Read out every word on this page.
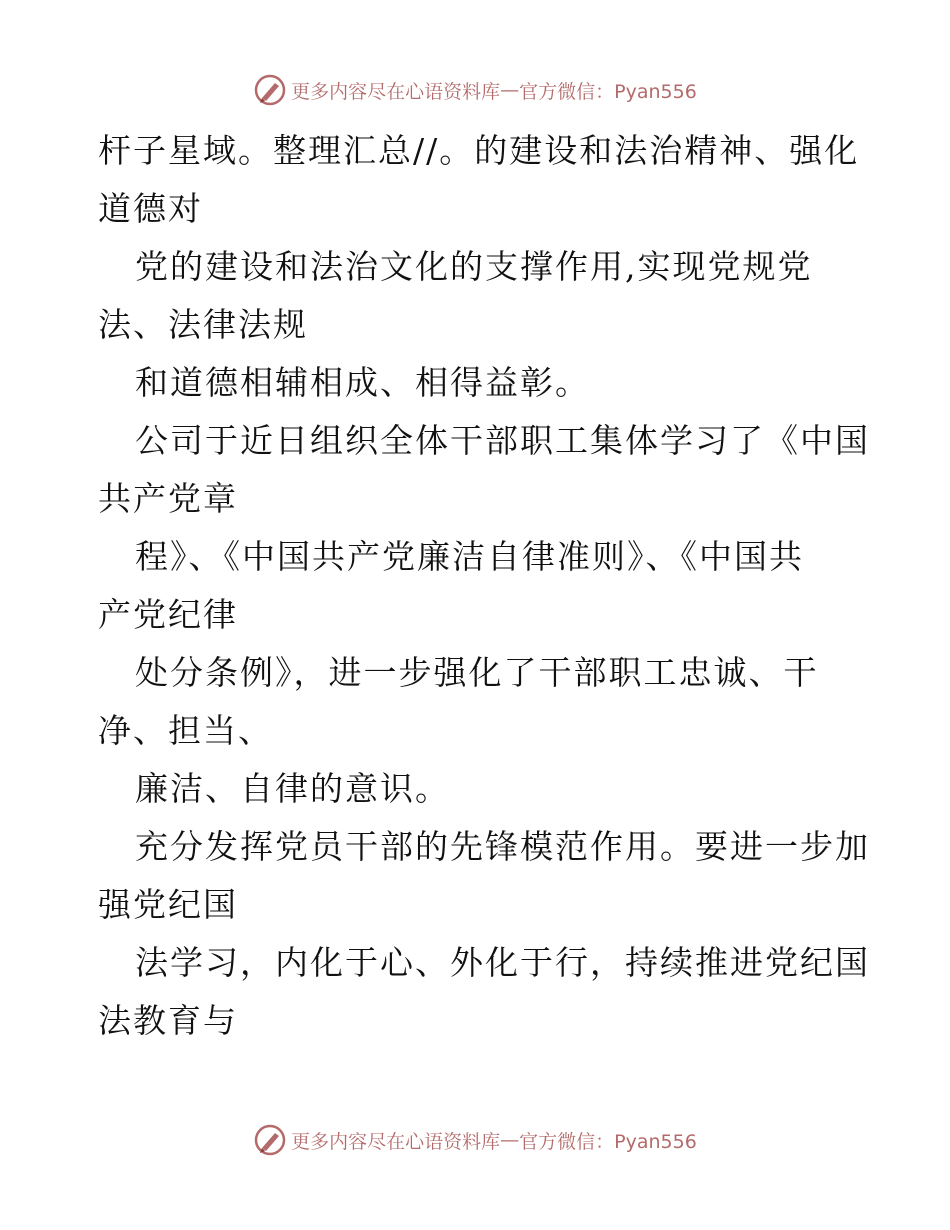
更多内容尽在心语资料库 — 官方微信：Pyan556
杆子星域。整理汇总//。的建设和法治精神、强化
道德对
党的建设和法治文化的支撑作用,实现党规党
法、法律法规
和道德相辅相成、相得益彰。
公司于近日组织全体干部职工集体学习了《中国
共产党章
程》、《中国共产党廉洁自律准则》、《中国共
产党纪律
处分条例》，进一步强化了干部职工忠诚、干
净、担当、
廉洁、自律的意识。
充分发挥党员干部的先锋模范作用。要进一步加
强党纪国
法学习，内化于心、外化于行，持续推进党纪国
法教育与
更多内容尽在心语资料库 — 官方微信：Pyan556
